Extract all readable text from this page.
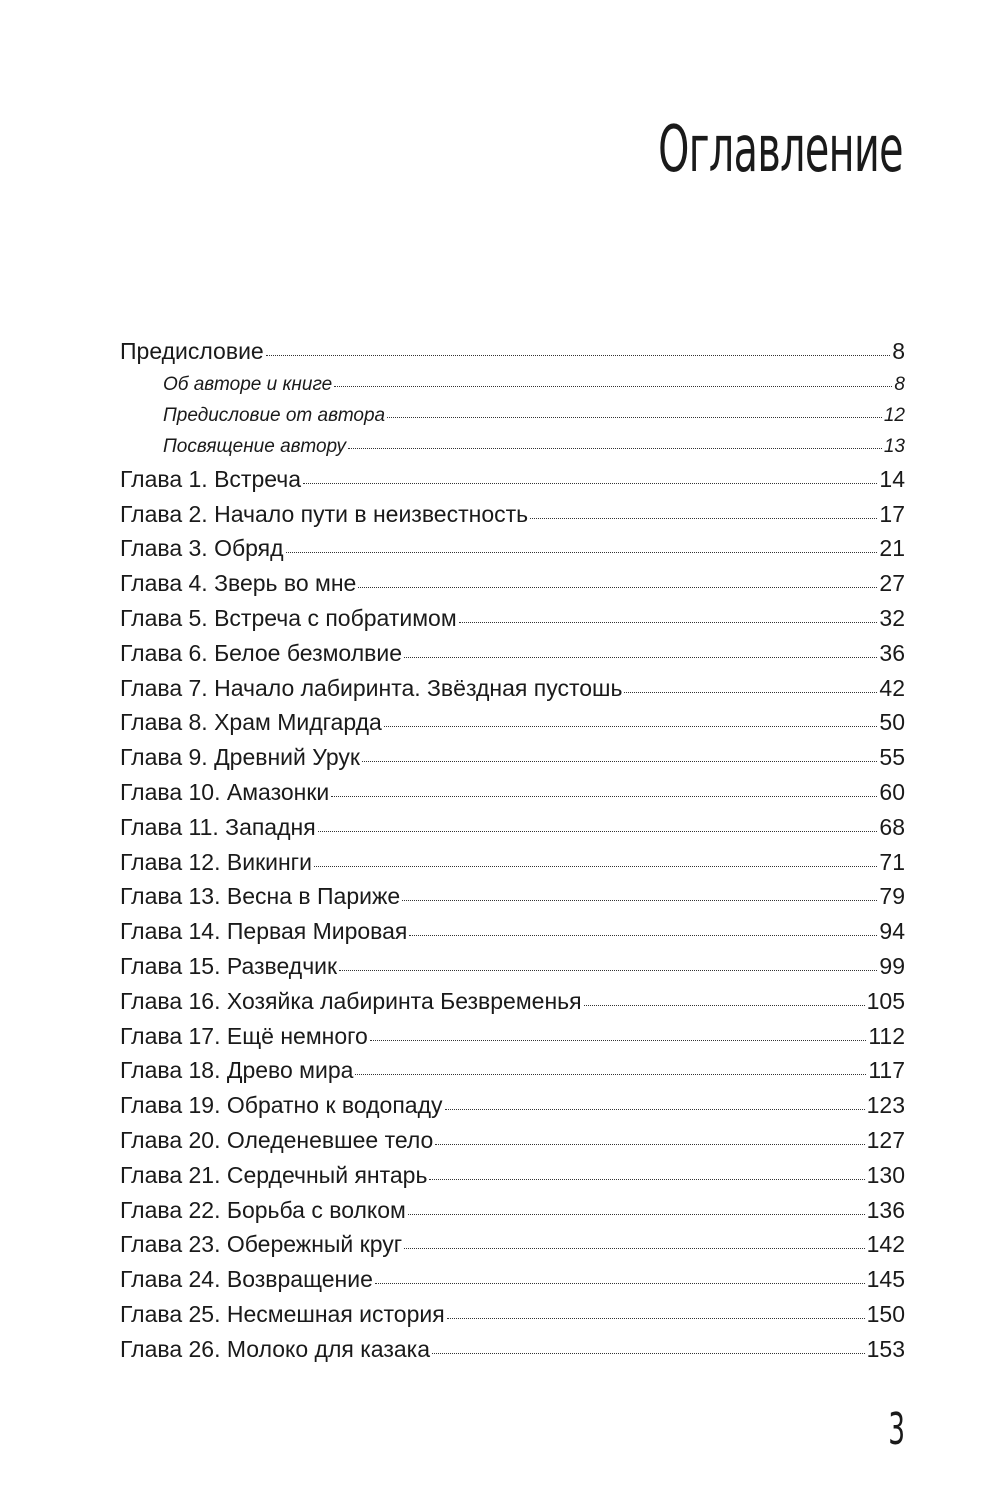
Оглавление
Предисловие	8
Об авторе и книге	8
Предисловие от автора	12
Посвящение автору	13
Глава 1. Встреча	14
Глава 2. Начало пути в неизвестность	17
Глава 3. Обряд	21
Глава 4. Зверь во мне	27
Глава 5. Встреча с побратимом	32
Глава 6. Белое безмолвие	36
Глава 7. Начало лабиринта. Звёздная пустошь	42
Глава 8. Храм Мидгарда	50
Глава 9. Древний Урук	55
Глава 10. Амазонки	60
Глава 11. Западня	68
Глава 12. Викинги	71
Глава 13. Весна в Париже	79
Глава 14. Первая Мировая	94
Глава 15. Разведчик	99
Глава 16. Хозяйка лабиринта Безвременья	105
Глава 17. Ещё немного	112
Глава 18. Древо мира	117
Глава 19. Обратно к водопаду	123
Глава 20. Оледеневшее тело	127
Глава 21. Сердечный янтарь	130
Глава 22. Борьба с волком	136
Глава 23. Обережный круг	142
Глава 24. Возвращение	145
Глава 25. Несмешная история	150
Глава 26. Молоко для казака	153
3
